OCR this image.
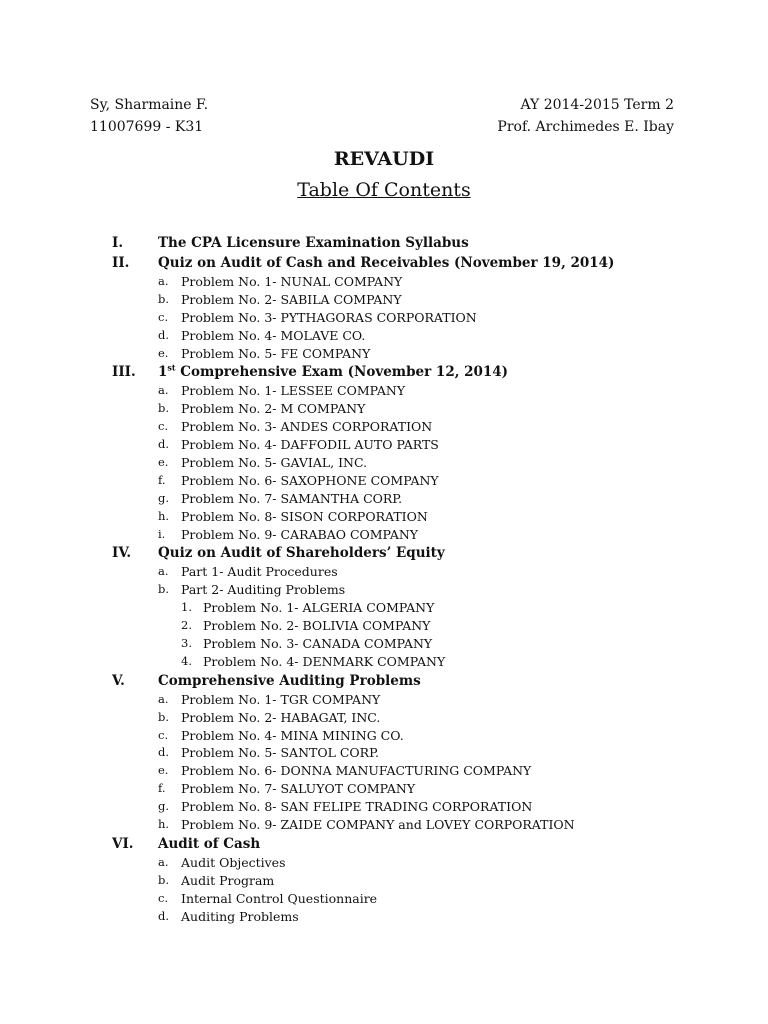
Sy, Sharmaine F.
11007699 - K31
AY 2014-2015 Term 2
Prof. Archimedes E. Ibay
REVAUDI
Table Of Contents
I.	The CPA Licensure Examination Syllabus
II. Quiz on Audit of Cash and Receivables (November 19, 2014)
a. Problem No. 1- NUNAL COMPANY
b. Problem No. 2- SABILA COMPANY
c. Problem No. 3- PYTHAGORAS CORPORATION
d. Problem No. 4- MOLAVE CO.
e. Problem No. 5- FE COMPANY
III. 1st Comprehensive Exam (November 12, 2014)
a. Problem No. 1- LESSEE COMPANY
b. Problem No. 2- M COMPANY
c. Problem No. 3- ANDES CORPORATION
d. Problem No. 4- DAFFODIL AUTO PARTS
e. Problem No. 5- GAVIAL, INC.
f. Problem No. 6- SAXOPHONE COMPANY
g. Problem No. 7- SAMANTHA CORP.
h. Problem No. 8- SISON CORPORATION
i. Problem No. 9- CARABAO COMPANY
IV. Quiz on Audit of Shareholders’ Equity
a. Part 1- Audit Procedures
b. Part 2- Auditing Problems
1. Problem No. 1- ALGERIA COMPANY
2. Problem No. 2- BOLIVIA COMPANY
3. Problem No. 3- CANADA COMPANY
4. Problem No. 4- DENMARK COMPANY
V. Comprehensive Auditing Problems
a. Problem No. 1- TGR COMPANY
b. Problem No. 2- HABAGAT, INC.
c. Problem No. 4- MINA MINING CO.
d. Problem No. 5- SANTOL CORP.
e. Problem No. 6- DONNA MANUFACTURING COMPANY
f. Problem No. 7- SALUYOT COMPANY
g. Problem No. 8- SAN FELIPE TRADING CORPORATION
h. Problem No. 9- ZAIDE COMPANY and LOVEY CORPORATION
VI. Audit of Cash
a. Audit Objectives
b. Audit Program
c. Internal Control Questionnaire
d. Auditing Problems
